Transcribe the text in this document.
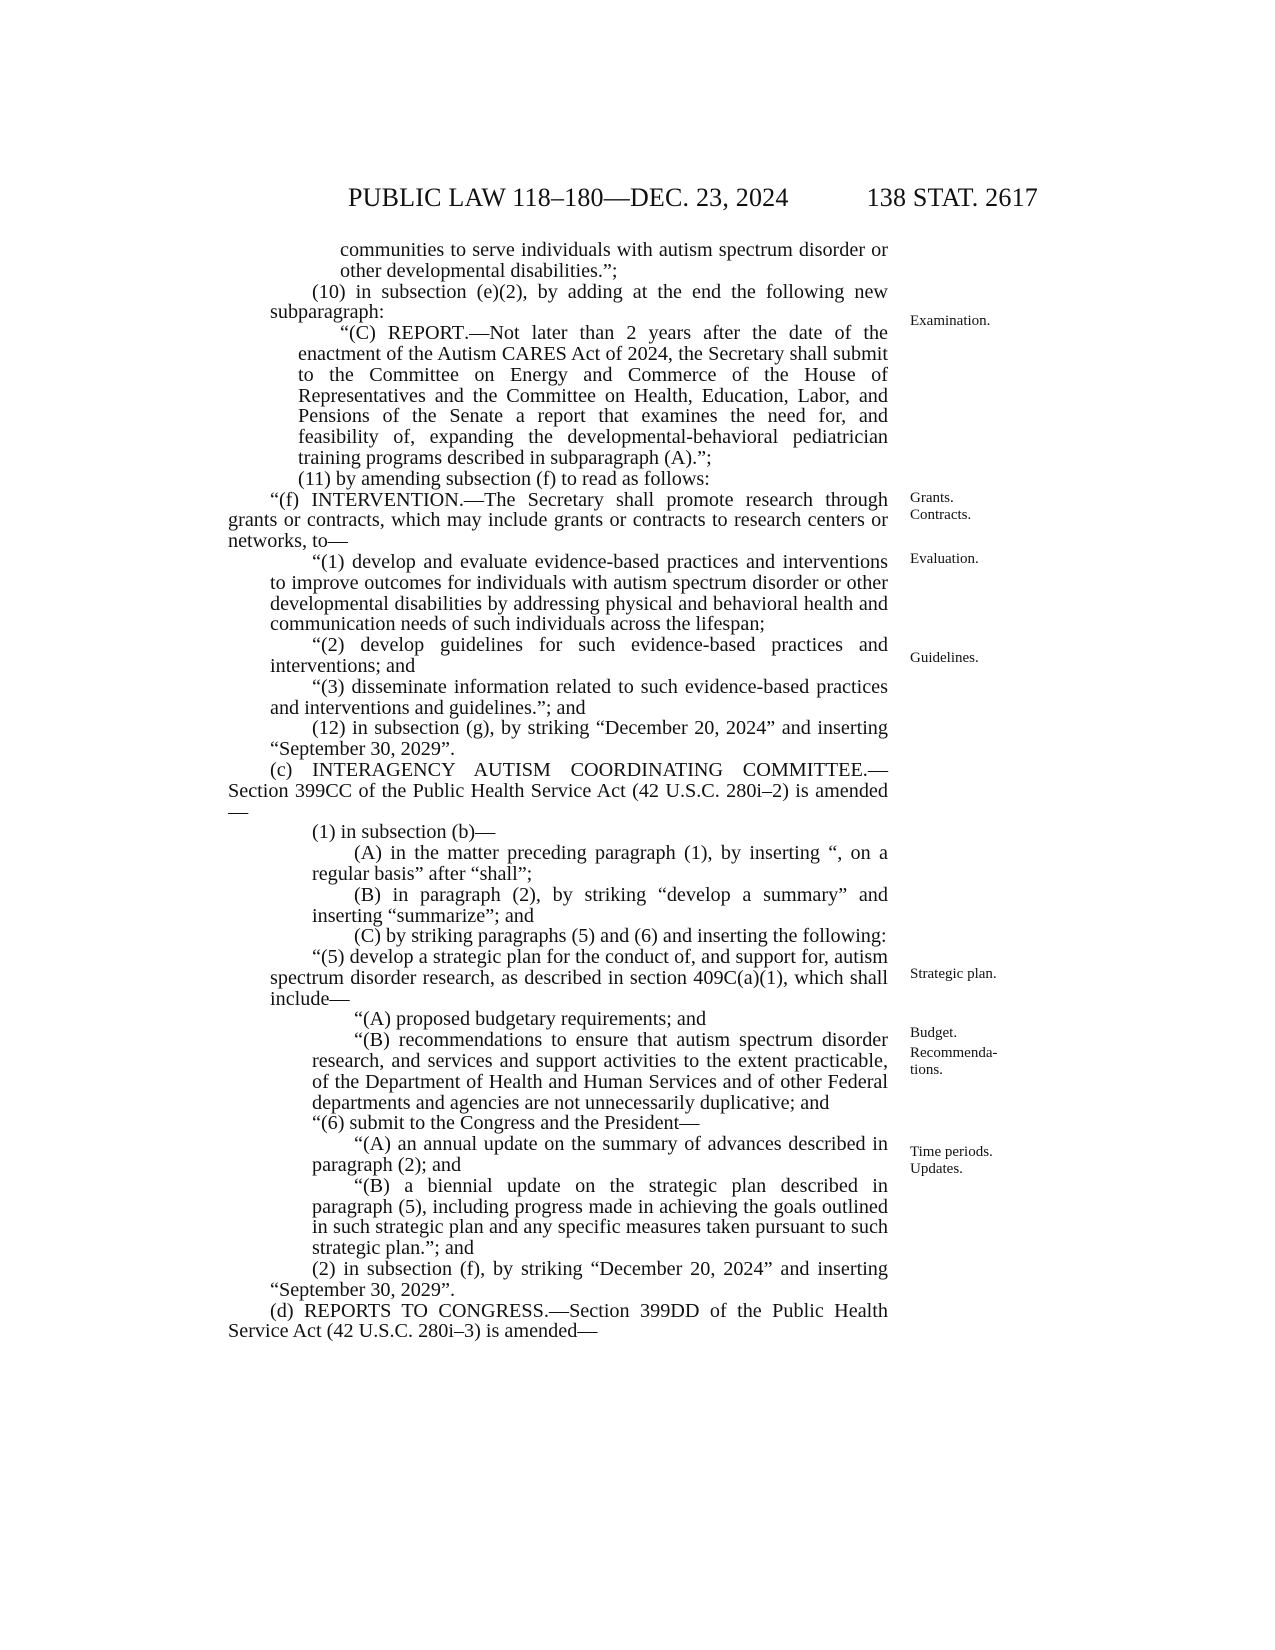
PUBLIC LAW 118–180—DEC. 23, 2024	138 STAT. 2617

communities to serve individuals with autism spectrum disorder or other developmental disabilities.”;

(10) in subsection (e)(2), by adding at the end the following new subparagraph:

“(C) REPORT.—Not later than 2 years after the date of the enactment of the Autism CARES Act of 2024, the Secretary shall submit to the Committee on Energy and Commerce of the House of Representatives and the Committee on Health, Education, Labor, and Pensions of the Senate a report that examines the need for, and feasibility of, expanding the developmental-behavioral pediatrician training programs described in subparagraph (A).”;

(11) by amending subsection (f) to read as follows:

“(f) INTERVENTION.—The Secretary shall promote research through grants or contracts, which may include grants or contracts to research centers or networks, to—

“(1) develop and evaluate evidence-based practices and interventions to improve outcomes for individuals with autism spectrum disorder or other developmental disabilities by addressing physical and behavioral health and communication needs of such individuals across the lifespan;

“(2) develop guidelines for such evidence-based practices and interventions; and

“(3) disseminate information related to such evidence-based practices and interventions and guidelines.”; and

(12) in subsection (g), by striking “December 20, 2024” and inserting “September 30, 2029”.

(c) INTERAGENCY AUTISM COORDINATING COMMITTEE.—Section 399CC of the Public Health Service Act (42 U.S.C. 280i–2) is amended—

(1) in subsection (b)—

(A) in the matter preceding paragraph (1), by inserting “, on a regular basis” after “shall”;

(B) in paragraph (2), by striking “develop a summary” and inserting “summarize”; and

(C) by striking paragraphs (5) and (6) and inserting the following:

“(5) develop a strategic plan for the conduct of, and support for, autism spectrum disorder research, as described in section 409C(a)(1), which shall include—

“(A) proposed budgetary requirements; and

“(B) recommendations to ensure that autism spectrum disorder research, and services and support activities to the extent practicable, of the Department of Health and Human Services and of other Federal departments and agencies are not unnecessarily duplicative; and

“(6) submit to the Congress and the President—

“(A) an annual update on the summary of advances described in paragraph (2); and

“(B) a biennial update on the strategic plan described in paragraph (5), including progress made in achieving the goals outlined in such strategic plan and any specific measures taken pursuant to such strategic plan.”; and

(2) in subsection (f), by striking “December 20, 2024” and inserting “September 30, 2029”.

(d) REPORTS TO CONGRESS.—Section 399DD of the Public Health Service Act (42 U.S.C. 280i–3) is amended—

Examination.
Grants.
Contracts.
Evaluation.
Guidelines.
Strategic plan.
Budget.
Recommenda-
tions.
Time periods.
Updates.
